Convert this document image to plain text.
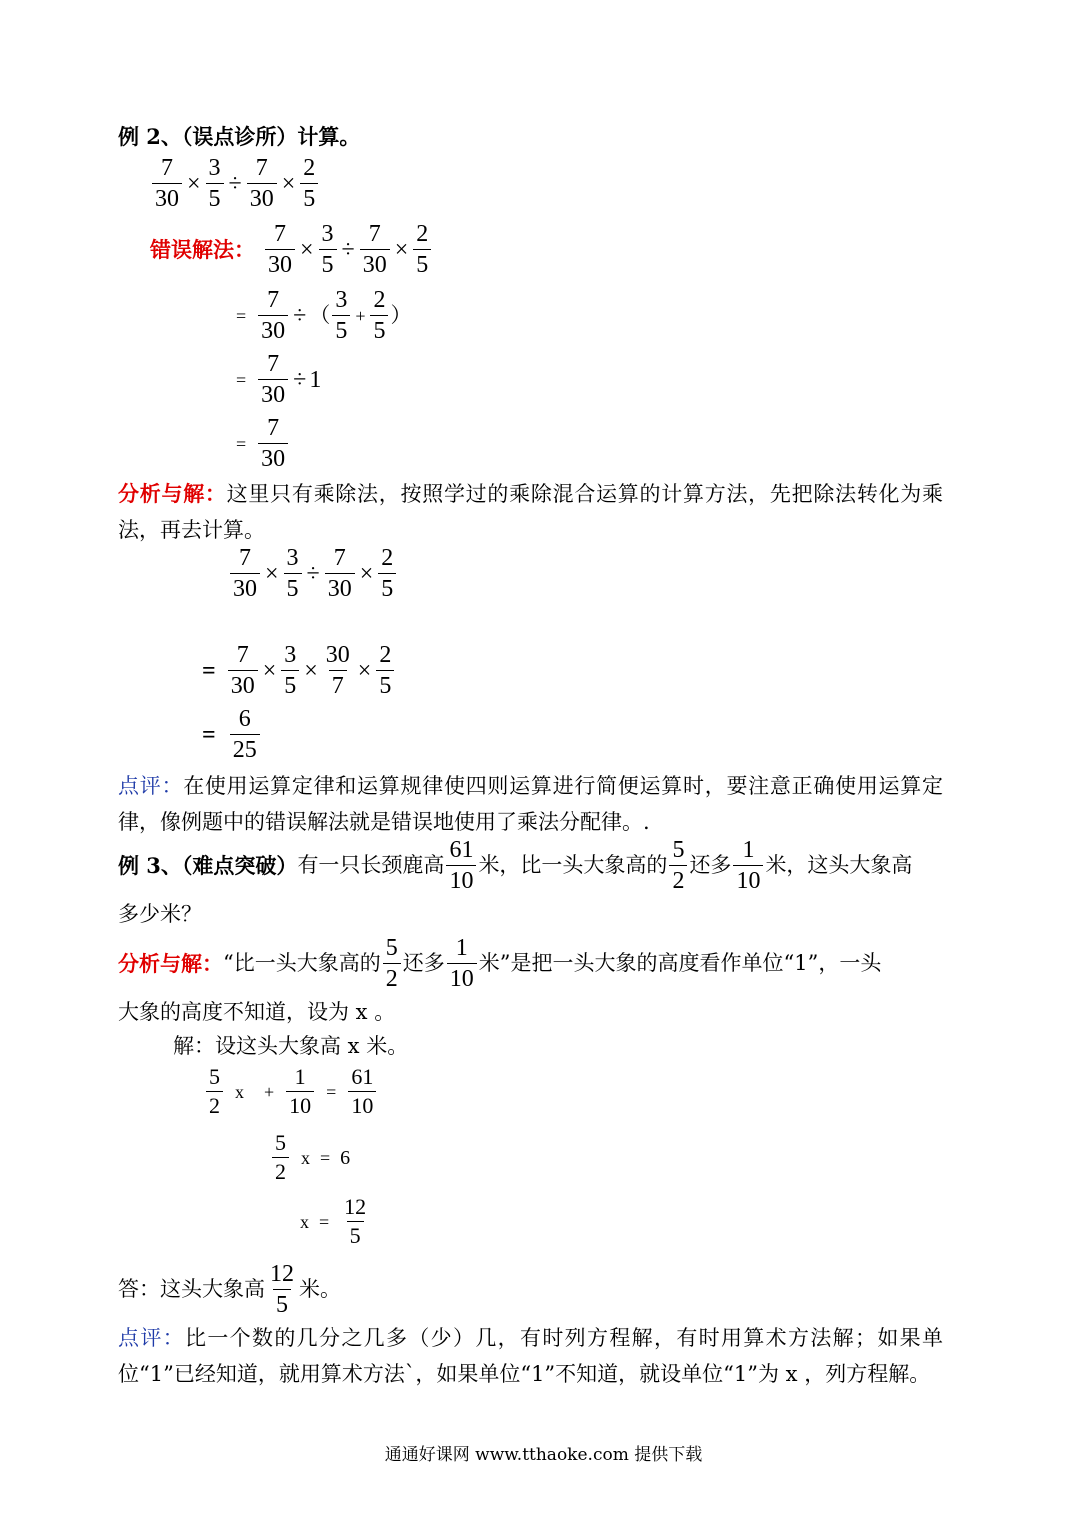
例 2、（误点诊所）计算。
$\frac{7}{30} \times \frac{3}{5} \div \frac{7}{30} \times \frac{2}{5}$
错误解法： $\frac{7}{30} \times \frac{3}{5} \div \frac{7}{30} \times \frac{2}{5}$
= $\frac{7}{30}$ ÷ （ $\frac{3}{5} + \frac{2}{5}$ ）
= $\frac{7}{30} \div 1$
= $\frac{7}{30}$
分析与解：这里只有乘除法，按照学过的乘除混合运算的计算方法，先把除法转化为乘法，再去计算。
$\frac{7}{30} \times \frac{3}{5} \div \frac{7}{30} \times \frac{2}{5}$
= $\frac{7}{30} \times \frac{3}{5} \times \frac{30}{7} \times \frac{2}{5}$
= $\frac{6}{25}$
点评：在使用运算定律和运算规律使四则运算进行简便运算时，要注意正确使用运算定律，像例题中的错误解法就是错误地使用了乘法分配律。.
例 3、（难点突破） 有一只长颈鹿高 $\frac{61}{10}$ 米，比一头大象高的 $\frac{5}{2}$ 还多 $\frac{1}{10}$ 米，这头大象高
多少米？
分析与解： “比一头大象高的 $\frac{5}{2}$ 还多 $\frac{1}{10}$ 米”是把一头大象的高度看作单位“1”，一头
大象的高度不知道，设为 x 。
解：设这头大象高 x 米。
$\frac{5}{2}$ $x + \frac{1}{10} = \frac{61}{10}$
$\frac{5}{2}$ x = 6
$x = \frac{12}{5}$
答：这头大象高 $\frac{12}{5}$ 米。
点评：比一个数的几分之几多（少）几，有时列方程解，有时用算术方法解；如果单位“1”已经知道，就用算术方法`，如果单位“1”不知道，就设单位“1”为 x ，列方程解。
通通好课网 www.tthaoke.com 提供下载
